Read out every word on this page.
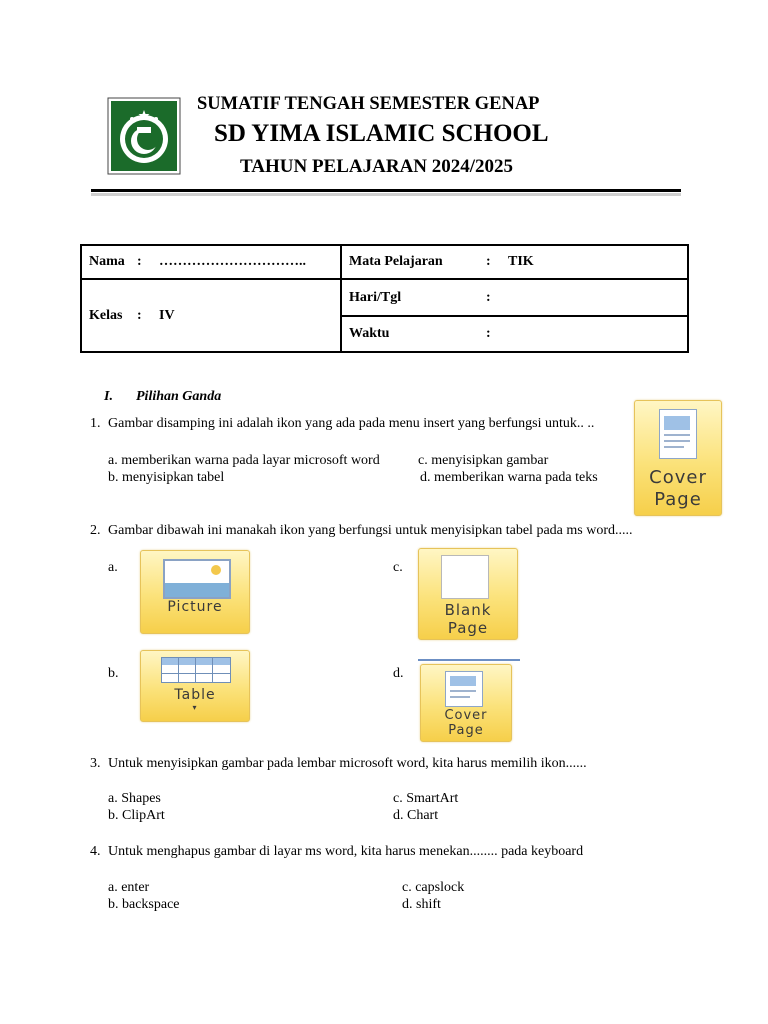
SUMATIF TENGAH SEMESTER GENAP
SD YIMA ISLAMIC SCHOOL
TAHUN PELAJARAN 2024/2025
Nama : …………………………..	Mata Pelajaran : TIK
Kelas : IV	Hari/Tgl :
	Waktu :
I. Pilihan Ganda
1. Gambar disamping ini adalah ikon yang ada pada menu insert yang berfungsi untuk.. ..
a. memberikan warna pada layar microsoft word
b. menyisipkan tabel
c. menyisipkan gambar
d. memberikan warna pada teks	Cover
Page
2. Gambar dibawah ini manakah ikon yang berfungsi untuk menyisipkan tabel pada ms word.....
a.
Picture
b.
Table
▾
c.
Blank
Page
d.
Cover
Page
3. Untuk menyisipkan gambar pada lembar microsoft word, kita harus memilih ikon......
a. Shapes
b. ClipArt
c. SmartArt
d. Chart
4. Untuk menghapus gambar di layar ms word, kita harus menekan........ pada keyboard
a. enter
b. backspace
c. capslock
d. shift
